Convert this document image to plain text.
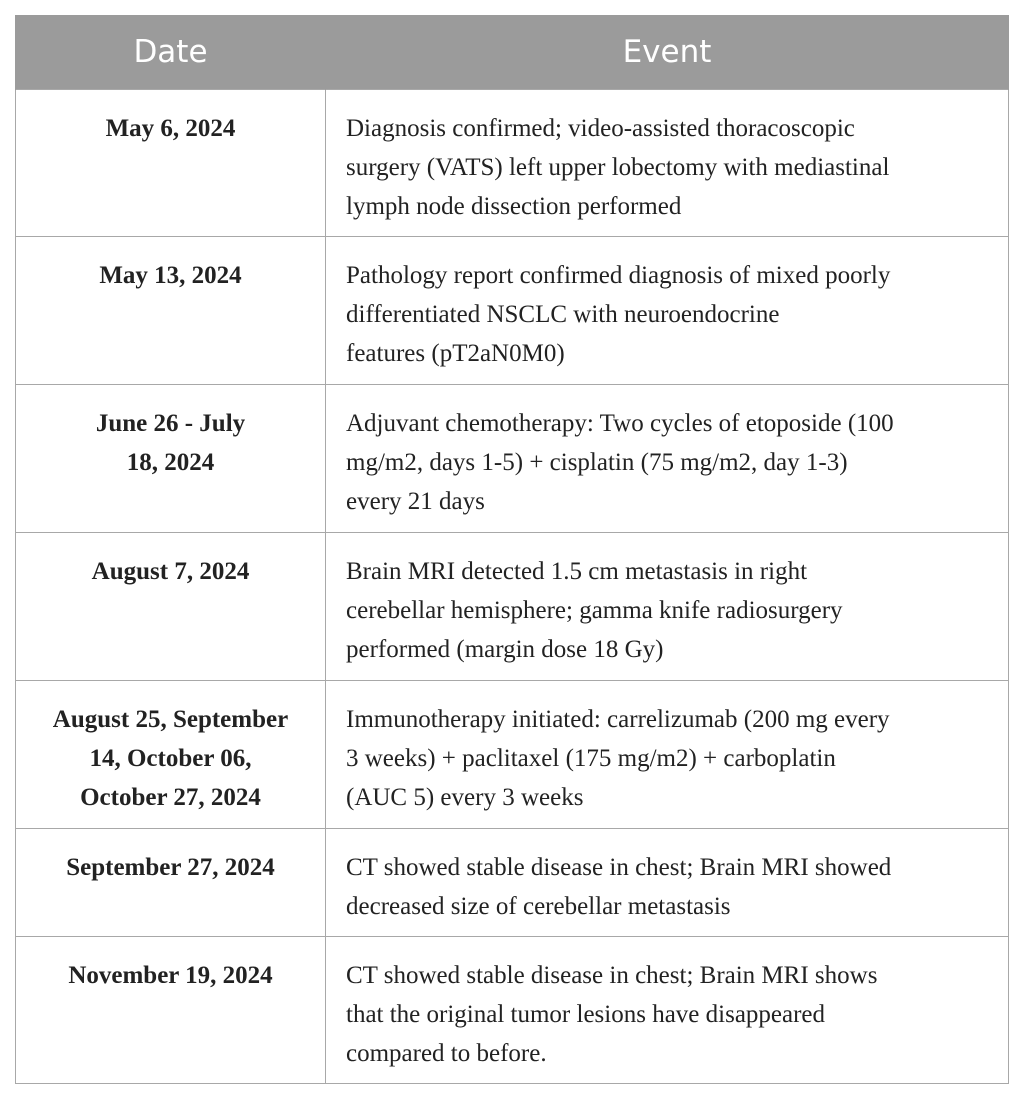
Date	Event

May 6, 2024	Diagnosis confirmed; video-assisted thoracoscopic
surgery (VATS) left upper lobectomy with mediastinal
lymph node dissection performed

May 13, 2024	Pathology report confirmed diagnosis of mixed poorly
differentiated NSCLC with neuroendocrine
features (pT2aN0M0)

June 26 - July
18, 2024	Adjuvant chemotherapy: Two cycles of etoposide (100
mg/m2, days 1-5) + cisplatin (75 mg/m2, day 1-3)
every 21 days

August 7, 2024	Brain MRI detected 1.5 cm metastasis in right
cerebellar hemisphere; gamma knife radiosurgery
performed (margin dose 18 Gy)

August 25, September
14, October 06,
October 27, 2024	Immunotherapy initiated: carrelizumab (200 mg every
3 weeks) + paclitaxel (175 mg/m2) + carboplatin
(AUC 5) every 3 weeks

September 27, 2024	CT showed stable disease in chest; Brain MRI showed
decreased size of cerebellar metastasis

November 19, 2024	CT showed stable disease in chest; Brain MRI shows
that the original tumor lesions have disappeared
compared to before.
